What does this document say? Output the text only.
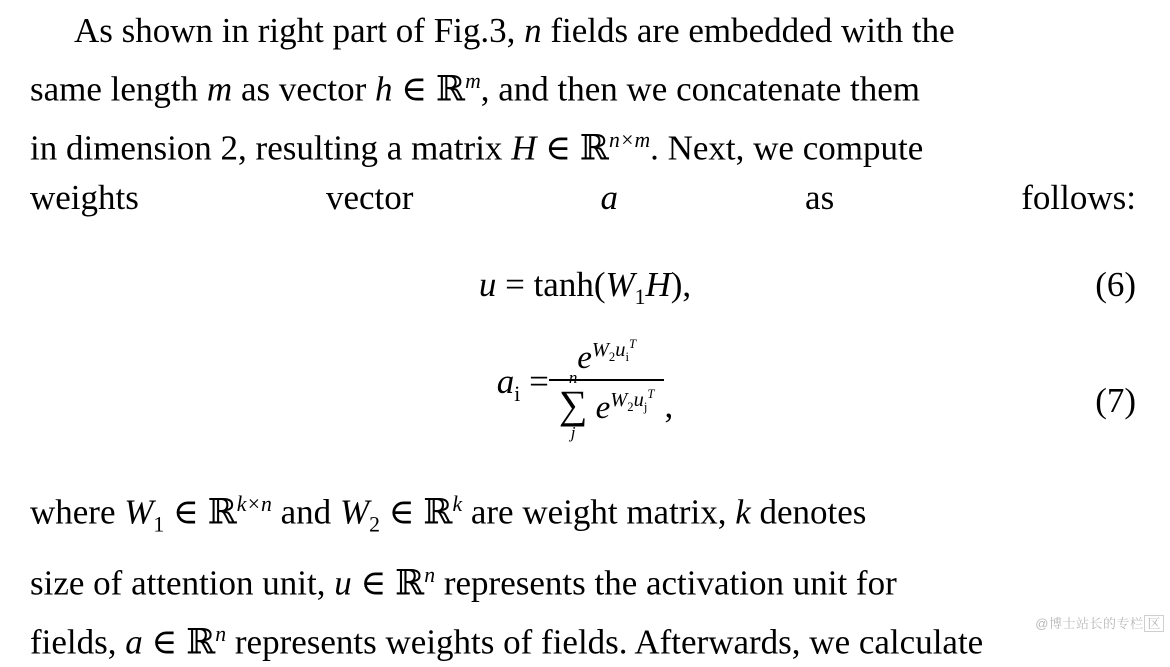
As shown in right part of Fig.3, n fields are embedded with the
same length m as vector h ∈ ℝ$^m$, and then we concatenate them
in dimension 2, resulting a matrix H ∈ ℝ$^{n\times m}$. Next, we compute
weights vector a as follows:
$u = \tanh(W_1H)$,	(6)
$a_i = e^{W_2u_i^T}$
n
∑
j
$e^{W_2u_j^T}$ ,	(7)
where $W_1$ ∈ ℝ$^{k\times n}$ and $W_2$ ∈ ℝ$^k$ are weight matrix, k denotes
size of attention unit, u ∈ ℝ$^n$ represents the activation unit for
fields, a ∈ ℝ$^n$ represents weights of fields. Afterwards, we calculate	@博士站长的专栏 区
